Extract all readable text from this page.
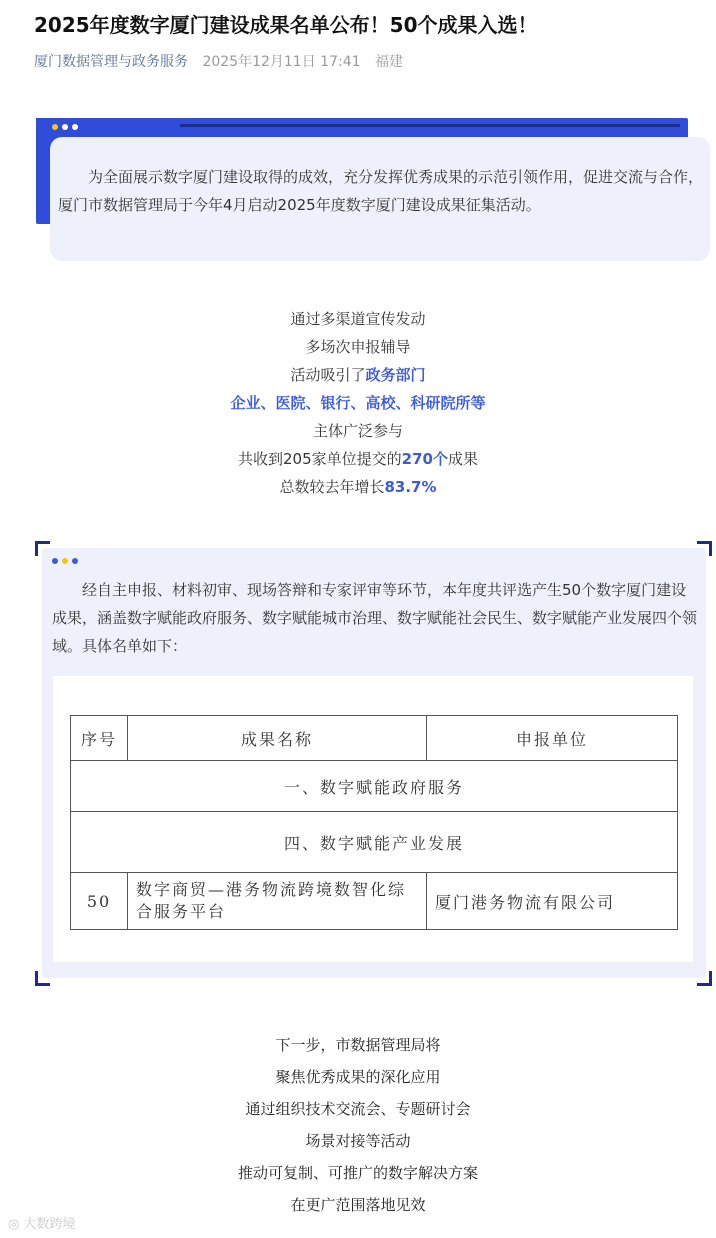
2025年度数字厦门建设成果名单公布！50个成果入选！
厦门数据管理与政务服务 2025年12月11日 17:41 福建

为全面展示数字厦门建设取得的成效，充分发挥优秀成果的示范引领作用，促进交流与合作，厦门市数据管理局于今年4月启动2025年度数字厦门建设成果征集活动。

通过多渠道宣传发动
多场次申报辅导
活动吸引了政务部门
企业、医院、银行、高校、科研院所等
主体广泛参与
共收到205家单位提交的270个成果
总数较去年增长83.7%

经自主申报、材料初审、现场答辩和专家评审等环节，本年度共评选产生50个数字厦门建设成果，涵盖数字赋能政府服务、数字赋能城市治理、数字赋能社会民生、数字赋能产业发展四个领域。具体名单如下：

序号	成果名称	申报单位
一、数字赋能政府服务		
四、数字赋能产业发展		
50	数字商贸—港务物流跨境数智化综合服务平台	厦门港务物流有限公司
下一步，市数据管理局将
聚焦优秀成果的深化应用
通过组织技术交流会、专题研讨会
场景对接等活动
推动可复制、可推广的数字解决方案
在更广范围落地见效
◎ 大数跨境
